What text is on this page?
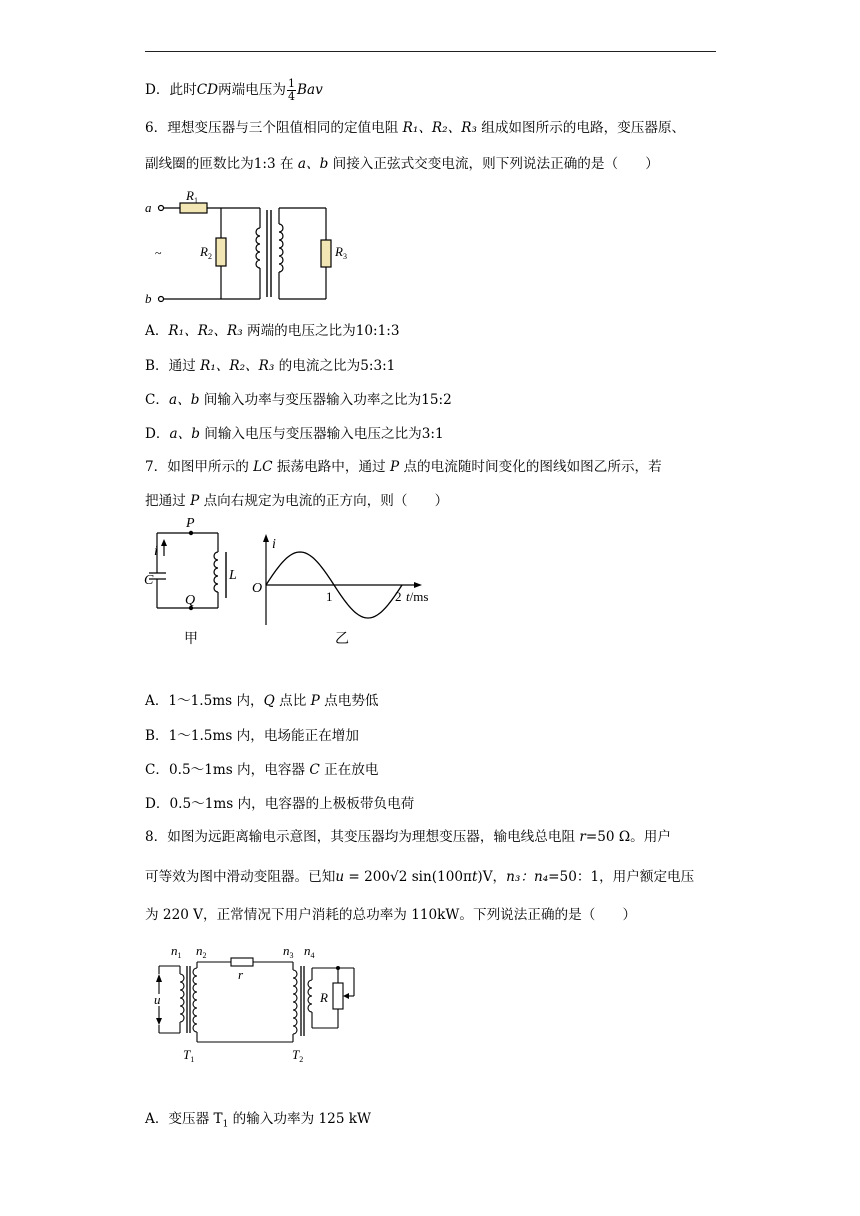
D．此时CD两端电压为 $\frac{1}{4}$ Bav
6．理想变压器与三个阻值相同的定值电阻 R₁、R₂、R₃ 组成如图所示的电路，变压器原、
副线圈的匝数比为1:3 在 a、b 间接入正弦式交变电流，则下列说法正确的是（　　）
a
b
$R_1$
$R_2$	$R_3$
~
A．R₁、R₂、R₃ 两端的电压之比为10:1:3
B．通过 R₁、R₂、R₃ 的电流之比为5:3:1
C．a、b 间输入功率与变压器输入功率之比为15:2
D．a、b 间输入电压与变压器输入电压之比为3:1
7．如图甲所示的 LC 振荡电路中，通过 P 点的电流随时间变化的图线如图乙所示，若
把通过 P 点向右规定为电流的正方向，则（　　）
P
Q
i
C	L
甲
i
O
1	2 t/ms
乙
A．1～1.5ms 内，Q 点比 P 点电势低
B．1～1.5ms 内，电场能正在增加
C．0.5～1ms 内，电容器 C 正在放电
D．0.5～1ms 内，电容器的上极板带负电荷
8．如图为远距离输电示意图，其变压器均为理想变压器，输电线总电阻 r=50 Ω。用户
可等效为图中滑动变阻器。已知u = 200√2 sin(100πt)V，n₃：n₄=50：1，用户额定电压
为 220 V，正常情况下用户消耗的总功率为 110kW。下列说法正确的是（　　）
$n_1$ $n_2$	$n_3$ $n_4$
r
u	R
$T_1$	$T_2$
A．变压器 $T_1$ 的输入功率为 125 kW
